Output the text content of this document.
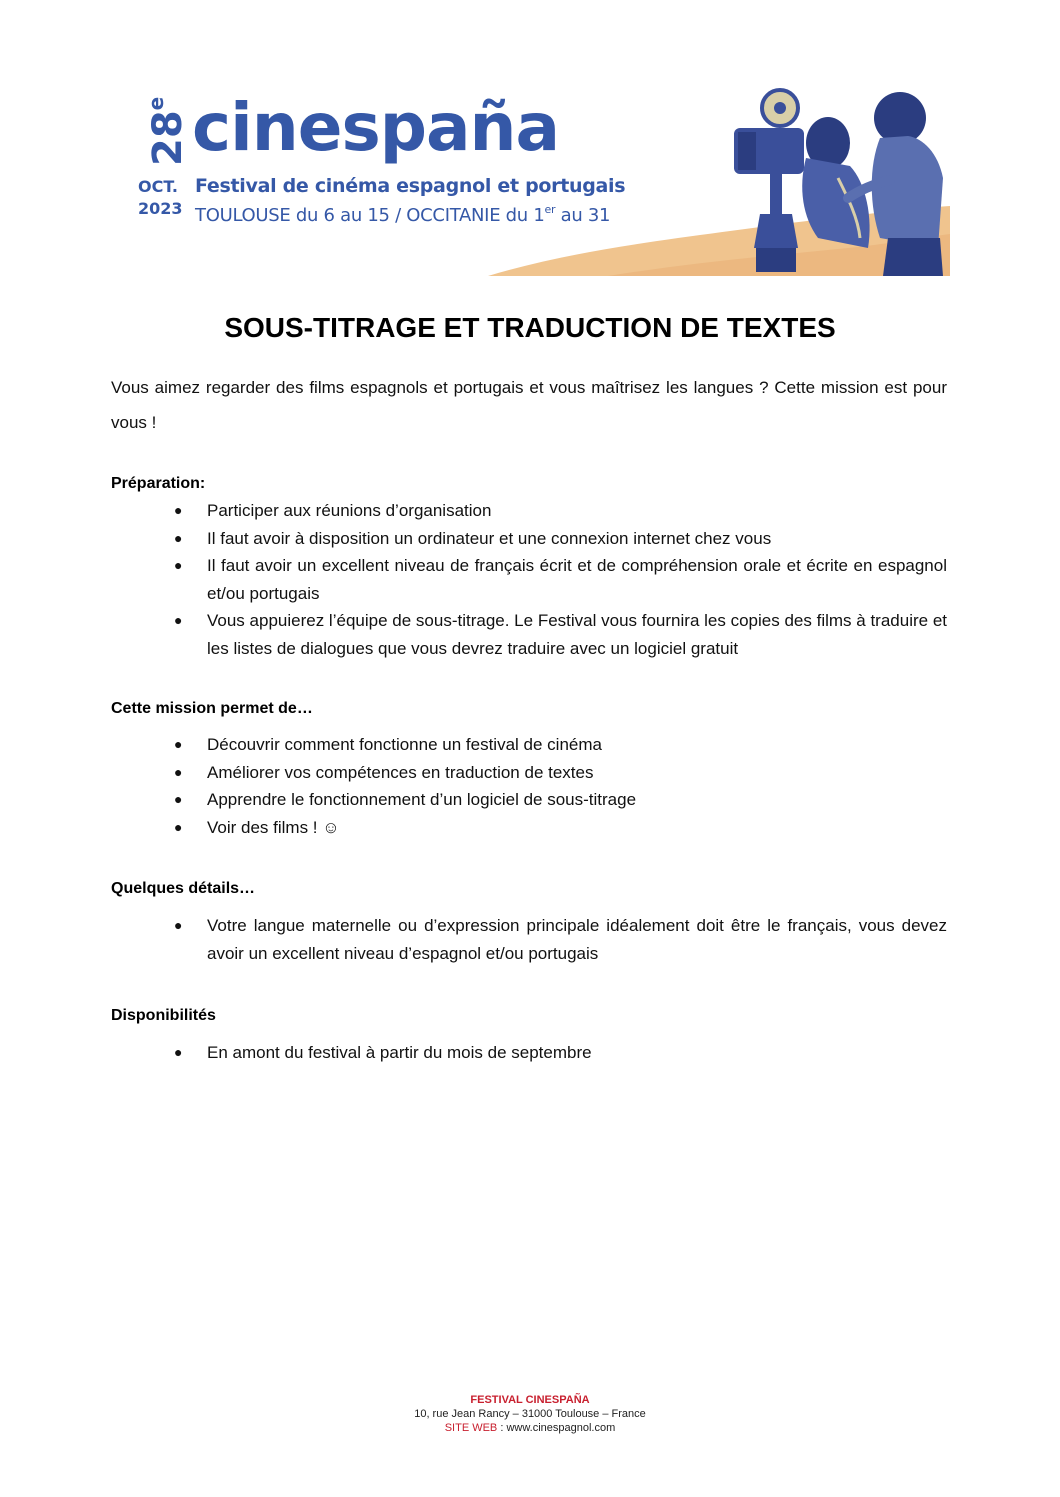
28e cinespaña
OCT.
2023
Festival de cinéma espagnol et portugais
TOULOUSE du 6 au 15 / OCCITANIE du 1er au 31
SOUS-TITRAGE ET TRADUCTION DE TEXTES
Vous aimez regarder des films espagnols et portugais et vous maîtrisez les langues ? Cette mission est pour vous !
Préparation:
● Participer aux réunions d’organisation
● Il faut avoir à disposition un ordinateur et une connexion internet chez vous
● Il faut avoir un excellent niveau de français écrit et de compréhension orale et écrite en espagnol et/ou portugais
● Vous appuierez l’équipe de sous-titrage. Le Festival vous fournira les copies des films à traduire et les listes de dialogues que vous devrez traduire avec un logiciel gratuit
Cette mission permet de…
● Découvrir comment fonctionne un festival de cinéma
● Améliorer vos compétences en traduction de textes
● Apprendre le fonctionnement d’un logiciel de sous-titrage
● Voir des films ! ☺
Quelques détails…
● Votre langue maternelle ou d’expression principale idéalement doit être le français, vous devez avoir un excellent niveau d’espagnol et/ou portugais
Disponibilités
● En amont du festival à partir du mois de septembre
FESTIVAL CINESPAÑA
10, rue Jean Rancy – 31000 Toulouse – France
SITE WEB : www.cinespagnol.com
